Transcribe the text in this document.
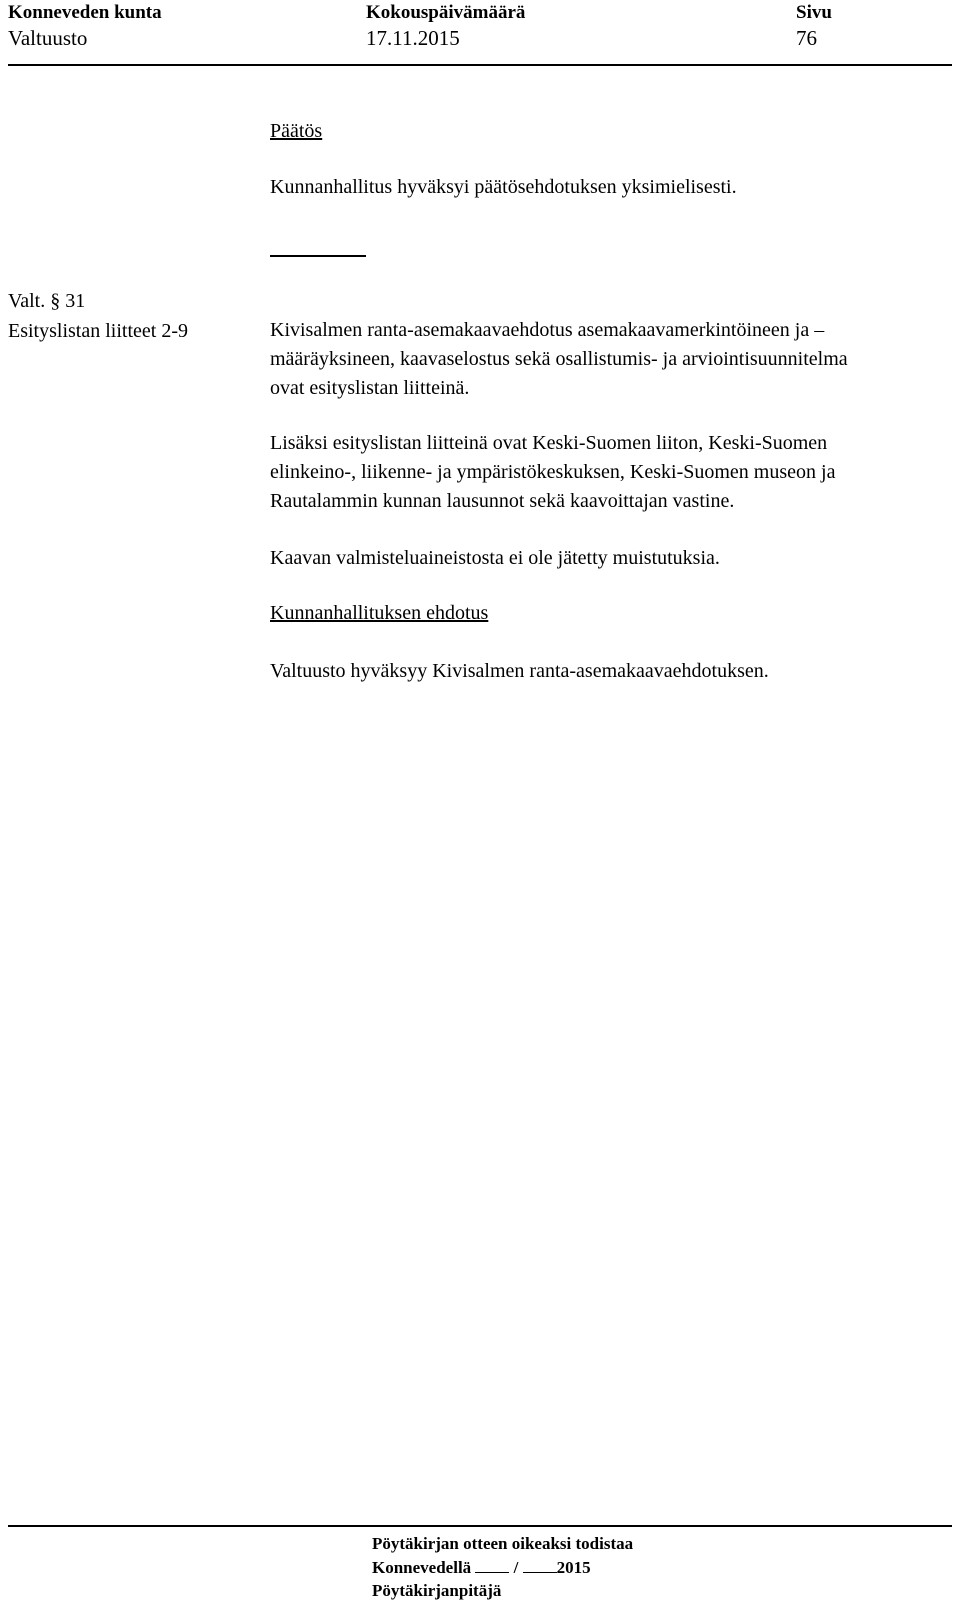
Konneveden kunta	Kokouspäivämäärä	Sivu
Valtuusto	17.11.2015	76
Päätös
Kunnanhallitus hyväksyi päätösehdotuksen yksimielisesti.
Valt. § 31
Esityslistan liitteet 2-9	Kivisalmen ranta-asemakaavaehdotus asemakaavamerkintöineen ja –
määräyksineen, kaavaselostus sekä osallistumis- ja arviointisuunnitelma
ovat esityslistan liitteinä.
Lisäksi esityslistan liitteinä ovat Keski-Suomen liiton, Keski-Suomen
elinkeino-, liikenne- ja ympäristökeskuksen, Keski-Suomen museon ja
Rautalammin kunnan lausunnot sekä kaavoittajan vastine.
Kaavan valmisteluaineistosta ei ole jätetty muistutuksia.
Kunnanhallituksen ehdotus
Valtuusto hyväksyy Kivisalmen ranta-asemakaavaehdotuksen.
Pöytäkirjan otteen oikeaksi todistaa
Konnevedellä	/ 2015
Pöytäkirjanpitäjä
